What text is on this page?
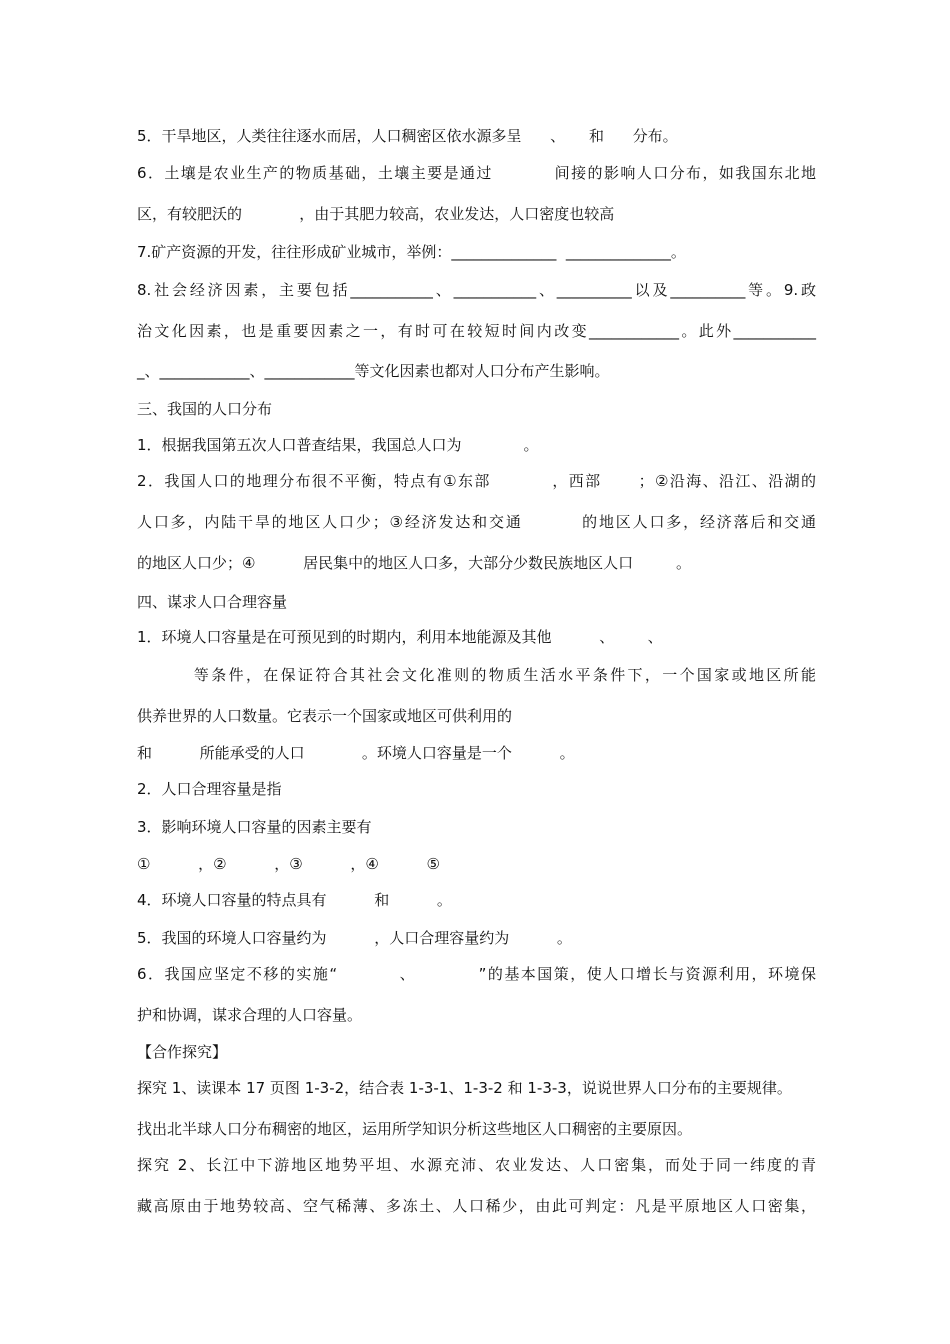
5．干旱地区，人类往往逐水而居，人口稠密区依水源多呈      、     和      分布。
6．土壤是农业生产的物质基础，土壤主要是通过          间接的影响人口分布，如我国东北地
区，有较肥沃的            ，由于其肥力较高，农业发达，人口密度也较高
7.矿产资源的开发，往往形成矿业城市，举例：______________  ______________。
8.社会经济因素，主要包括___________、___________、__________以及__________等。9.政
治文化因素，也是重要因素之一，有时可在较短时间内改变____________。此外___________
_、____________、____________等文化因素也都对人口分布产生影响。
三、我国的人口分布
1．根据我国第五次人口普查结果，我国总人口为             。
2．我国人口的地理分布很不平衡，特点有①东部          ，西部      ；②沿海、沿江、沿湖的
人口多，内陆干旱的地区人口少；③经济发达和交通         的地区人口多，经济落后和交通
的地区人口少；④          居民集中的地区人口多，大部分少数民族地区人口         。
四、谋求人口合理容量
1．环境人口容量是在可预见到的时期内，利用本地能源及其他          、       、
等条件，在保证符合其社会文化准则的物质生活水平条件下，一个国家或地区所能
供养世界的人口数量。它表示一个国家或地区可供利用的
和          所能承受的人口            。环境人口容量是一个          。
2．人口合理容量是指
3．影响环境人口容量的因素主要有
①          ，②          ，③          ，④          ⑤
4．环境人口容量的特点具有          和          。
5．我国的环境人口容量约为          ，人口合理容量约为          。
6．我国应坚定不移的实施“          、          ”的基本国策，使人口增长与资源利用，环境保
护和协调，谋求合理的人口容量。
【合作探究】
探究 1、读课本 17 页图 1-3-2，结合表 1-3-1、1-3-2 和 1-3-3，说说世界人口分布的主要规律。
找出北半球人口分布稠密的地区，运用所学知识分析这些地区人口稠密的主要原因。
探究 2、长江中下游地区地势平坦、水源充沛、农业发达、人口密集，而处于同一纬度的青
藏高原由于地势较高、空气稀薄、多冻土、人口稀少，由此可判定：凡是平原地区人口密集，
